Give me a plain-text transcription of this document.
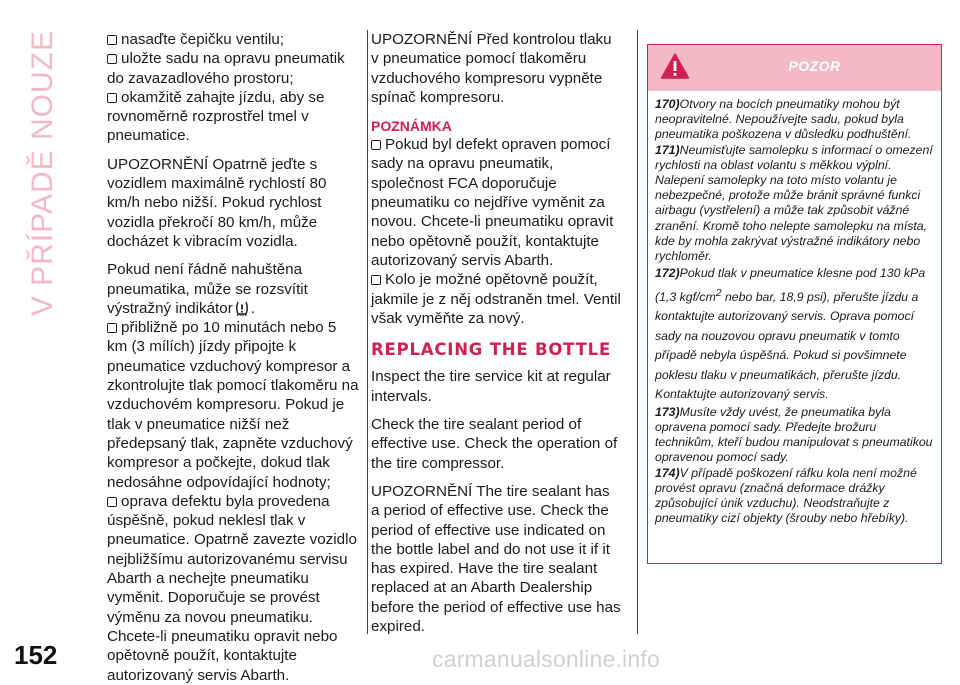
V PŘÍPADĚ NOUZE
152

nasaďte čepičku ventilu;

uložte sadu na opravu pneumatik do zavazadlového prostoru;

okamžitě zahajte jízdu, aby se rovnoměrně rozprostřel tmel v pneumatice.

UPOZORNĚNÍ Opatrně jeďte s vozidlem maximálně rychlostí 80 km/h nebo nižší. Pokud rychlost vozidla překročí 80 km/h, může docházet k vibracím vozidla.

Pokud není řádně nahuštěna pneumatika, může se rozsvítit výstražný indikátor .

přibližně po 10 minutách nebo 5 km (3 mílích) jízdy připojte k pneumatice vzduchový kompresor a zkontrolujte tlak pomocí tlakoměru na vzduchovém kompresoru. Pokud je tlak v pneumatice nižší než předepsaný tlak, zapněte vzduchový kompresor a počkejte, dokud tlak nedosáhne odpovídající hodnoty;

oprava defektu byla provedena úspěšně, pokud neklesl tlak v pneumatice. Opatrně zavezte vozidlo nejbližšímu autorizovanému servisu Abarth a nechejte pneumatiku vyměnit. Doporučuje se provést výměnu za novou pneumatiku. Chcete-li pneumatiku opravit nebo opětovně použít, kontaktujte autorizovaný servis Abarth.

UPOZORNĚNÍ Před kontrolou tlaku v pneumatice pomocí tlakoměru vzduchového kompresoru vypněte spínač kompresoru.

POZNÁMKA

Pokud byl defekt opraven pomocí sady na opravu pneumatik, společnost FCA doporučuje pneumatiku co nejdříve vyměnit za novou. Chcete-li pneumatiku opravit nebo opětovně použít, kontaktujte autorizovaný servis Abarth.

Kolo je možné opětovně použít, jakmile je z něj odstraněn tmel. Ventil však vyměňte za nový.

REPLACING THE BOTTLE

Inspect the tire service kit at regular intervals.

Check the tire sealant period of effective use. Check the operation of the tire compressor.

UPOZORNĚNÍ The tire sealant has a period of effective use. Check the period of effective use indicated on the bottle label and do not use it if it has expired. Have the tire sealant replaced at an Abarth Dealership before the period of effective use has expired.

POZOR

170)Otvory na bocích pneumatiky mohou být neopravitelné. Nepoužívejte sadu, pokud byla pneumatika poškozena v důsledku podhuštění.

171)Neumisťujte samolepku s informací o omezení rychlosti na oblast volantu s měkkou výplní. Nalepení samolepky na toto místo volantu je nebezpečné, protože může bránit správné funkci airbagu (vystřelení) a může tak způsobit vážné zranění. Kromě toho nelepte samolepku na místa, kde by mohla zakrývat výstražné indikátory nebo rychloměr.

172)Pokud tlak v pneumatice klesne pod 130 kPa (1,3 kgf/$cm^2$ nebo bar, 18,9 psi), přerušte jízdu a kontaktujte autorizovaný servis. Oprava pomocí sady na nouzovou opravu pneumatik v tomto případě nebyla úspěšná. Pokud si povšimnete poklesu tlaku v pneumatikách, přerušte jízdu. Kontaktujte autorizovaný servis.

173)Musíte vždy uvést, že pneumatika byla opravena pomocí sady. Předejte brožuru technikům, kteří budou manipulovat s pneumatikou opravenou pomocí sady.

174)V případě poškození ráfku kola není možné provést opravu (značná deformace drážky způsobující únik vzduchu). Neodstraňujte z pneumatiky cizí objekty (šrouby nebo hřebíky).

carmanualsonline.info
